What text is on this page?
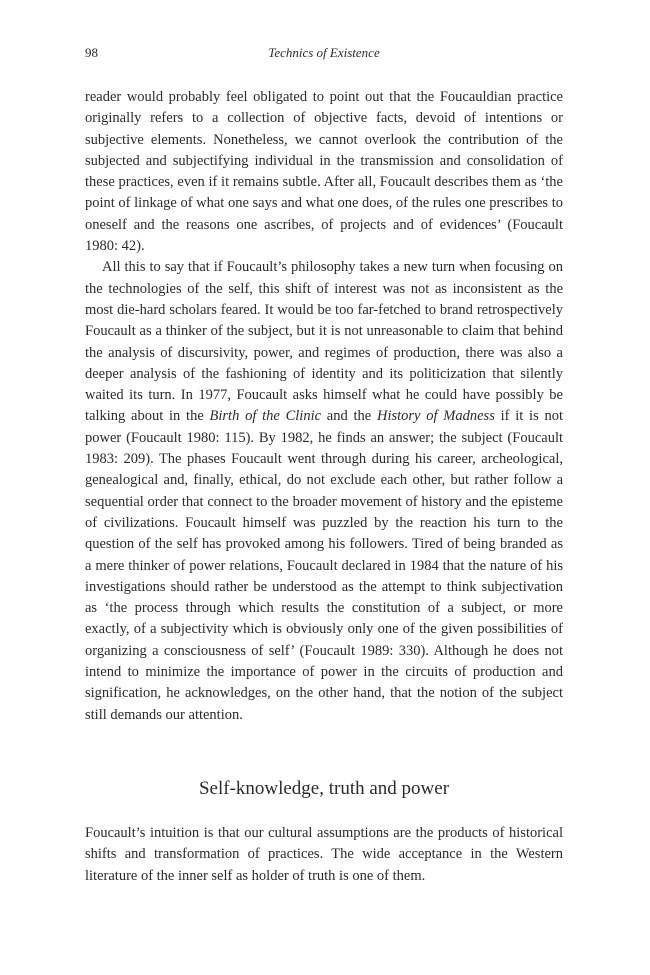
98	Technics of Existence

reader would probably feel obligated to point out that the Foucauldian practice originally refers to a collection of objective facts, devoid of intentions or subjective elements. Nonetheless, we cannot overlook the contribution of the subjected and subjectifying individual in the transmission and consolidation of these practices, even if it remains subtle. After all, Foucault describes them as ‘the point of linkage of what one says and what one does, of the rules one prescribes to oneself and the reasons one ascribes, of projects and of evidences’ (Foucault 1980: 42).

All this to say that if Foucault’s philosophy takes a new turn when focusing on the technologies of the self, this shift of interest was not as inconsistent as the most die-hard scholars feared. It would be too far-fetched to brand retrospectively Foucault as a thinker of the subject, but it is not unreasonable to claim that behind the analysis of discursivity, power, and regimes of production, there was also a deeper analysis of the fashioning of identity and its politicization that silently waited its turn. In 1977, Foucault asks himself what he could have possibly be talking about in the Birth of the Clinic and the History of Madness if it is not power (Foucault 1980: 115). By 1982, he finds an answer; the subject (Foucault 1983: 209). The phases Foucault went through during his career, archeological, genealogical and, finally, ethical, do not exclude each other, but rather follow a sequential order that connect to the broader movement of history and the episteme of civilizations. Foucault himself was puzzled by the reaction his turn to the question of the self has provoked among his followers. Tired of being branded as a mere thinker of power relations, Foucault declared in 1984 that the nature of his investigations should rather be understood as the attempt to think subjectivation as ‘the process through which results the constitution of a subject, or more exactly, of a subjectivity which is obviously only one of the given possibilities of organizing a consciousness of self’ (Foucault 1989: 330). Although he does not intend to minimize the importance of power in the circuits of production and signification, he acknowledges, on the other hand, that the notion of the subject still demands our attention.

Self-knowledge, truth and power

Foucault’s intuition is that our cultural assumptions are the products of historical shifts and transformation of practices. The wide acceptance in the Western literature of the inner self as holder of truth is one of them.
